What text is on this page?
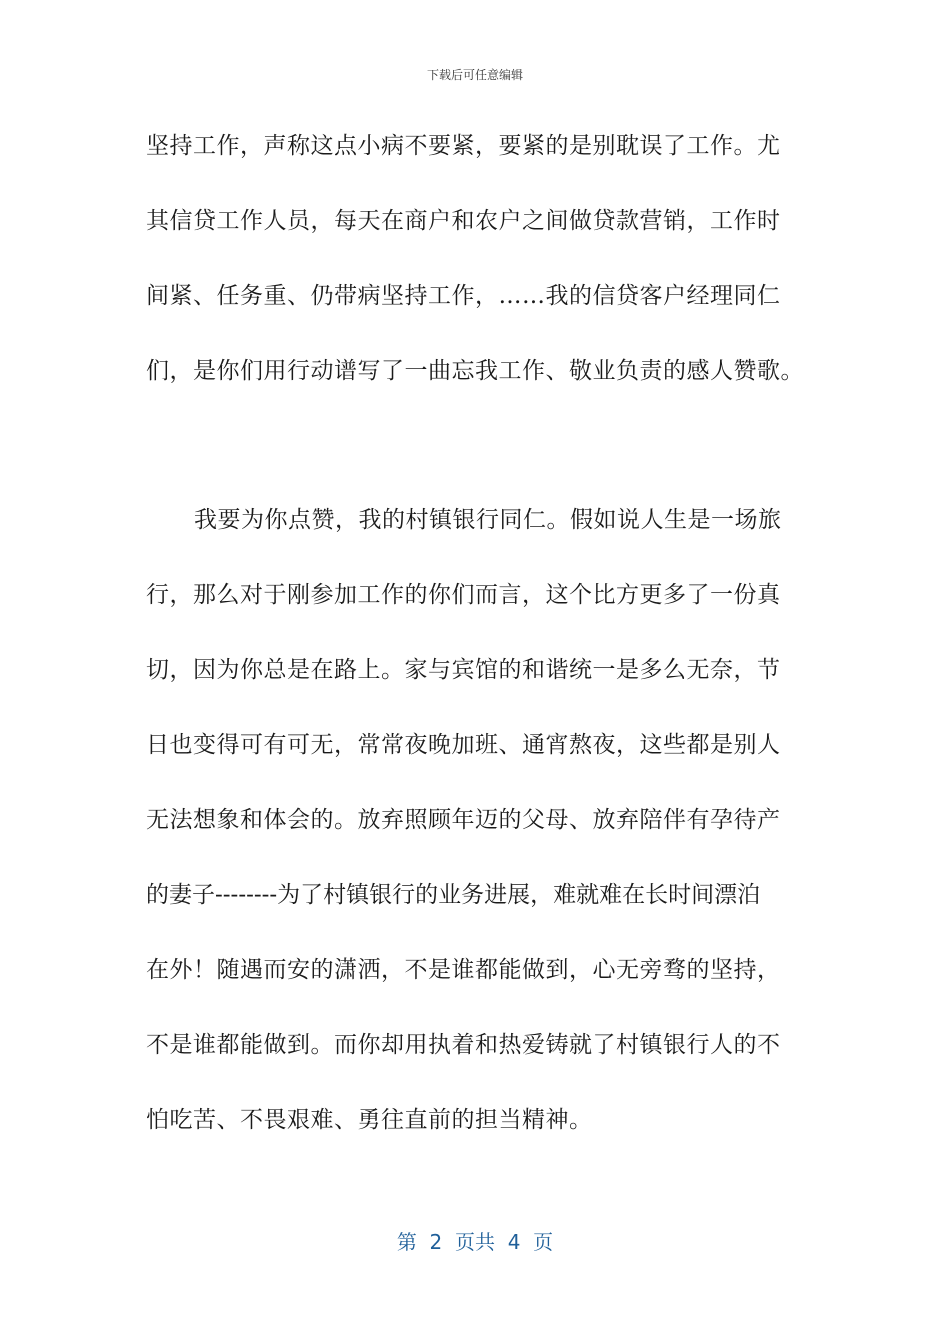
下载后可任意编辑
坚持工作，声称这点小病不要紧，要紧的是别耽误了工作。尤
其信贷工作人员，每天在商户和农户之间做贷款营销，工作时
间紧、任务重、仍带病坚持工作，……我的信贷客户经理同仁
们，是你们用行动谱写了一曲忘我工作、敬业负责的感人赞歌。
我要为你点赞，我的村镇银行同仁。假如说人生是一场旅
行，那么对于刚参加工作的你们而言，这个比方更多了一份真
切，因为你总是在路上。家与宾馆的和谐统一是多么无奈，节
日也变得可有可无，常常夜晚加班、通宵熬夜，这些都是别人
无法想象和体会的。放弃照顾年迈的父母、放弃陪伴有孕待产
的妻子--------为了村镇银行的业务进展，难就难在长时间漂泊
在外！随遇而安的潇洒，不是谁都能做到，心无旁骛的坚持，
不是谁都能做到。而你却用执着和热爱铸就了村镇银行人的不
怕吃苦、不畏艰难、勇往直前的担当精神。
第  2  页共  4  页
